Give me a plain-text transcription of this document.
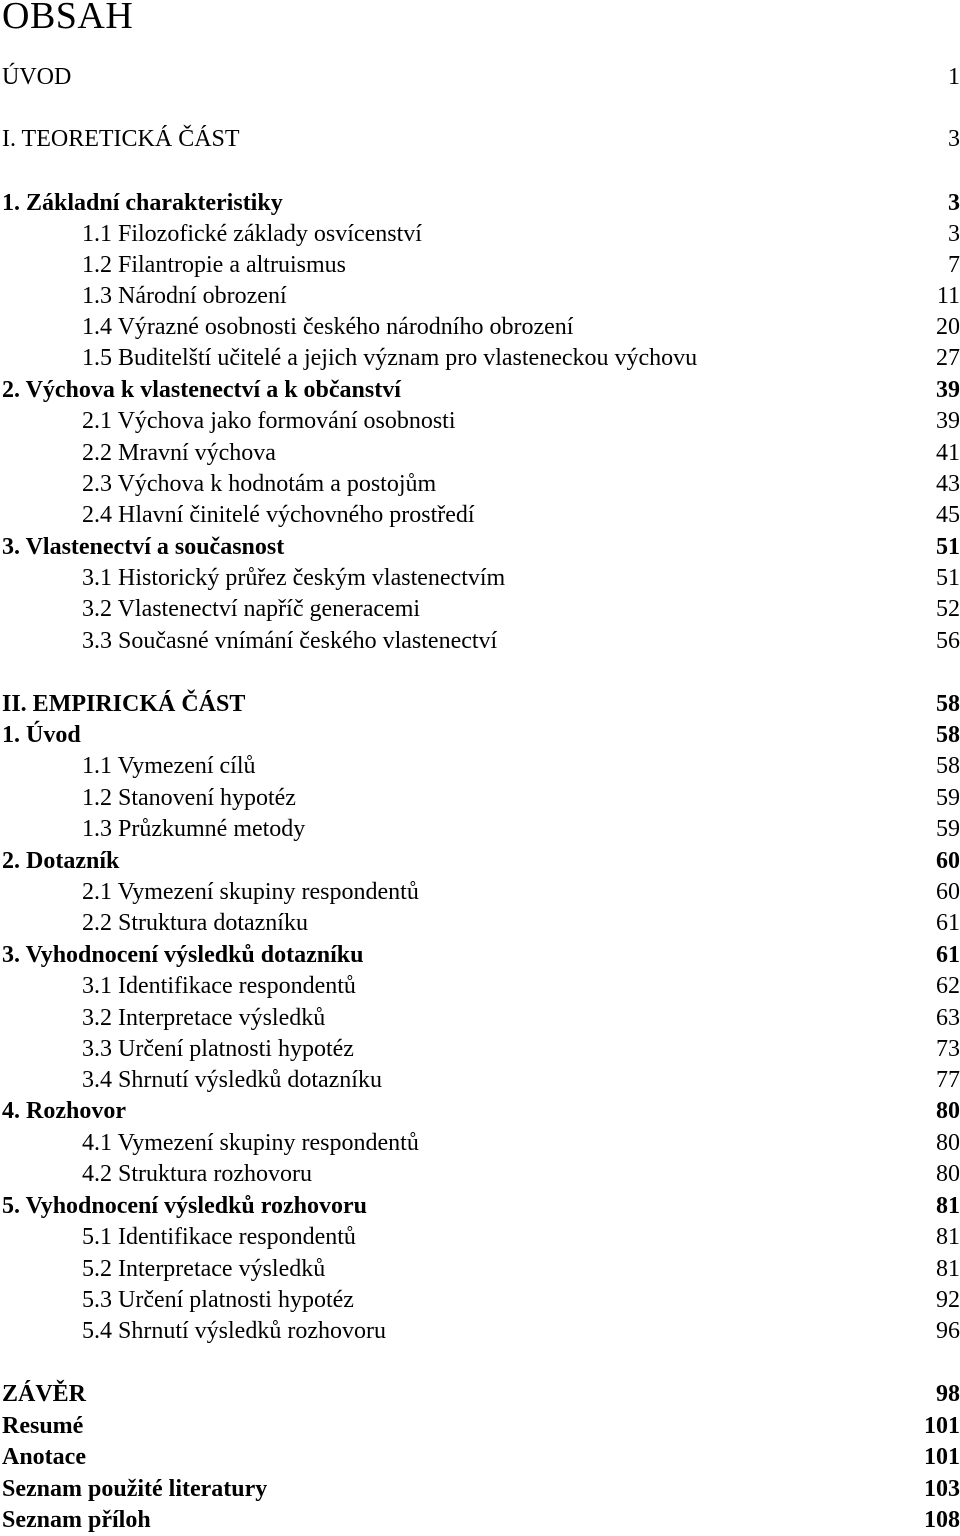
OBSAH
ÚVOD	1
I. TEORETICKÁ ČÁST	3
1. Základní charakteristiky	3
1.1 Filozofické základy osvícenství	3
1.2 Filantropie a altruismus	7
1.3 Národní obrození	11
1.4 Výrazné osobnosti českého národního obrození	20
1.5 Buditelští učitelé a jejich význam pro vlasteneckou výchovu	27
2. Výchova k vlastenectví a k občanství	39
2.1 Výchova jako formování osobnosti	39
2.2 Mravní výchova	41
2.3 Výchova k hodnotám a postojům	43
2.4 Hlavní činitelé výchovného prostředí	45
3. Vlastenectví a současnost	51
3.1 Historický průřez českým vlastenectvím	51
3.2 Vlastenectví napříč generacemi	52
3.3 Současné vnímání českého vlastenectví	56
II. EMPIRICKÁ ČÁST	58
1. Úvod	58
1.1 Vymezení cílů	58
1.2 Stanovení hypotéz	59
1.3 Průzkumné metody	59
2. Dotazník	60
2.1 Vymezení skupiny respondentů	60
2.2 Struktura dotazníku	61
3. Vyhodnocení výsledků dotazníku	61
3.1 Identifikace respondentů	62
3.2 Interpretace výsledků	63
3.3 Určení platnosti hypotéz	73
3.4 Shrnutí výsledků dotazníku	77
4. Rozhovor	80
4.1 Vymezení skupiny respondentů	80
4.2 Struktura rozhovoru	80
5. Vyhodnocení výsledků rozhovoru	81
5.1 Identifikace respondentů	81
5.2 Interpretace výsledků	81
5.3 Určení platnosti hypotéz	92
5.4 Shrnutí výsledků rozhovoru	96
ZÁVĚR	98
Resumé	101
Anotace	101
Seznam použité literatury	103
Seznam příloh	108
